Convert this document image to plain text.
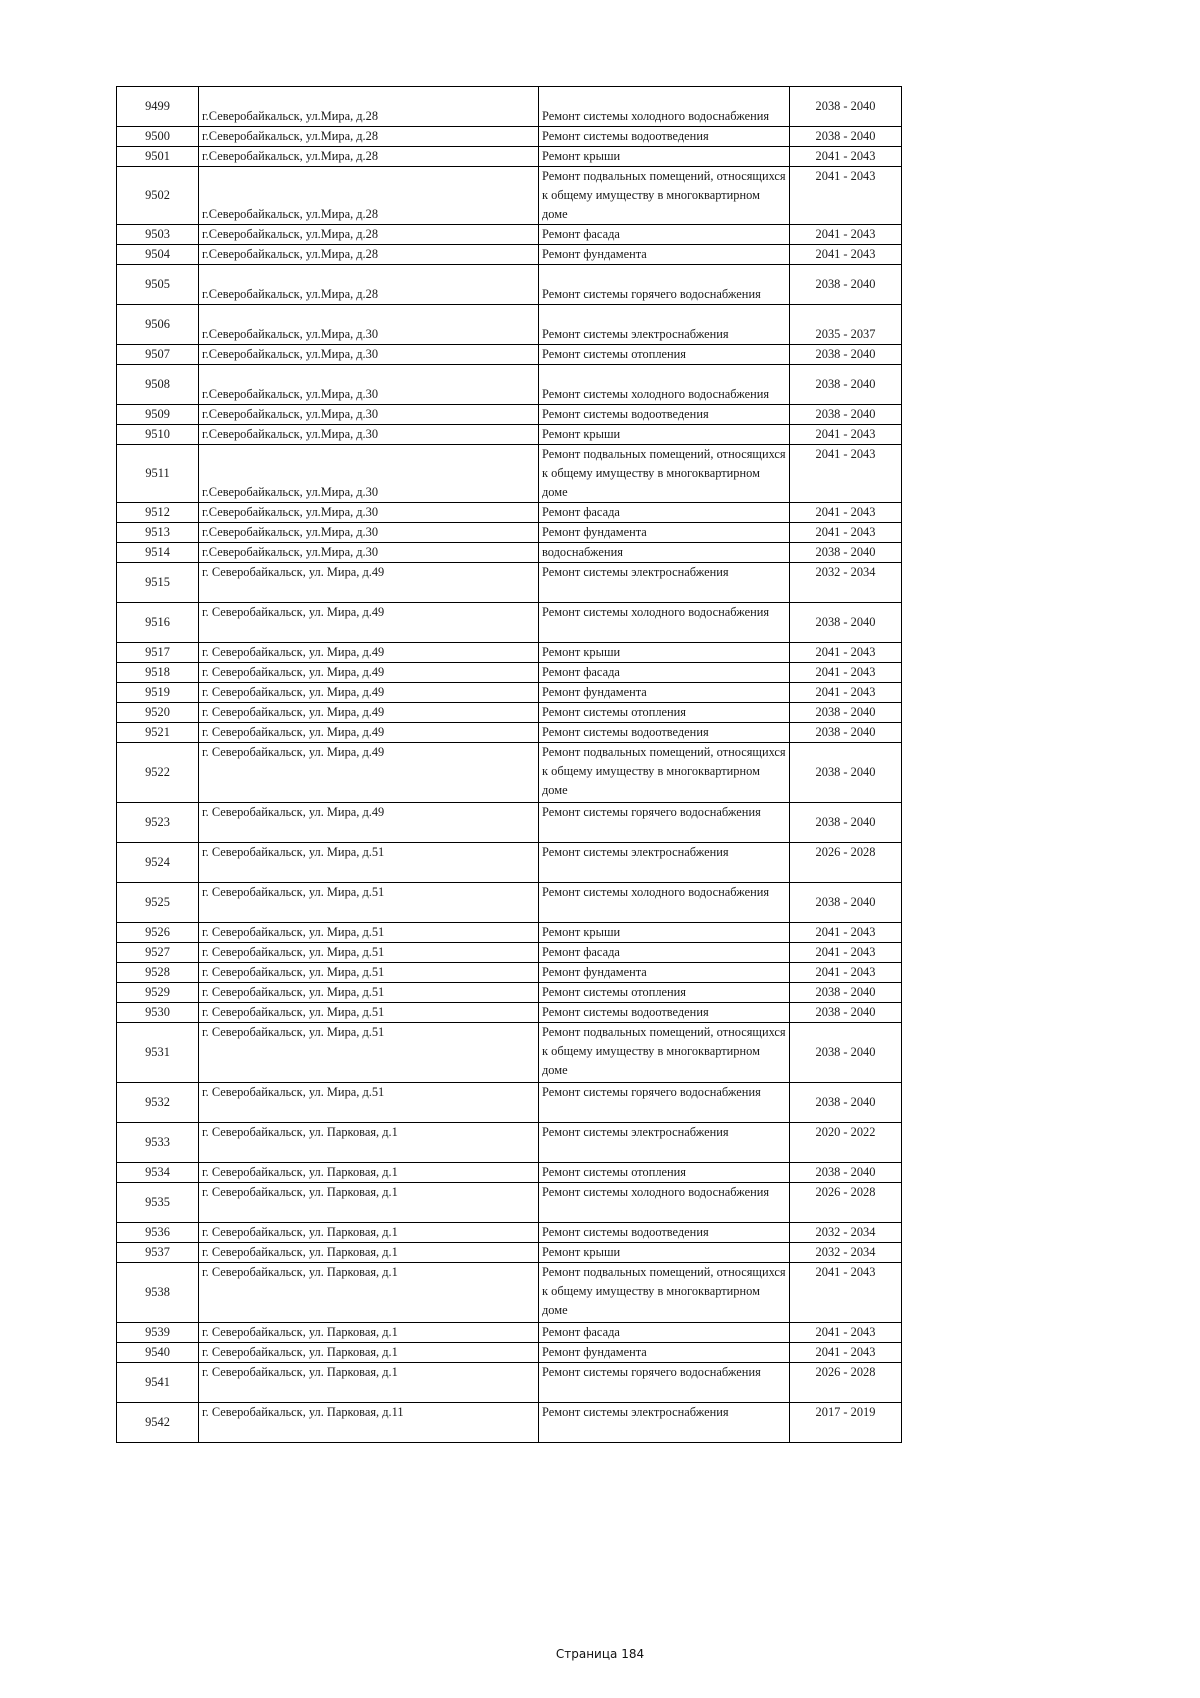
9499	г.Северобайкальск, ул.Мира, д.28	Ремонт системы холодного водоснабжения	2038 - 2040
9500	г.Северобайкальск, ул.Мира, д.28	Ремонт системы водоотведения	2038 - 2040
9501	г.Северобайкальск, ул.Мира, д.28	Ремонт крыши	2041 - 2043
9502	г.Северобайкальск, ул.Мира, д.28	Ремонт подвальных помещений, относящихся к общему имуществу в многоквартирном доме	2041 - 2043
9503	г.Северобайкальск, ул.Мира, д.28	Ремонт фасада	2041 - 2043
9504	г.Северобайкальск, ул.Мира, д.28	Ремонт фундамента	2041 - 2043
9505	г.Северобайкальск, ул.Мира, д.28	Ремонт системы горячего водоснабжения	2038 - 2040
9506	г.Северобайкальск, ул.Мира, д.30	Ремонт системы электроснабжения	2035 - 2037
9507	г.Северобайкальск, ул.Мира, д.30	Ремонт системы отопления	2038 - 2040
9508	г.Северобайкальск, ул.Мира, д.30	Ремонт системы холодного водоснабжения	2038 - 2040
9509	г.Северобайкальск, ул.Мира, д.30	Ремонт системы водоотведения	2038 - 2040
9510	г.Северобайкальск, ул.Мира, д.30	Ремонт крыши	2041 - 2043
9511	г.Северобайкальск, ул.Мира, д.30	Ремонт подвальных помещений, относящихся к общему имуществу в многоквартирном доме	2041 - 2043
9512	г.Северобайкальск, ул.Мира, д.30	Ремонт фасада	2041 - 2043
9513	г.Северобайкальск, ул.Мира, д.30	Ремонт фундамента	2041 - 2043
9514	г.Северобайкальск, ул.Мира, д.30	водоснабжения	2038 - 2040
9515	г. Северобайкальск, ул. Мира, д.49	Ремонт системы электроснабжения	2032 - 2034
9516	г. Северобайкальск, ул. Мира, д.49	Ремонт системы холодного водоснабжения	2038 - 2040
9517	г. Северобайкальск, ул. Мира, д.49	Ремонт крыши	2041 - 2043
9518	г. Северобайкальск, ул. Мира, д.49	Ремонт фасада	2041 - 2043
9519	г. Северобайкальск, ул. Мира, д.49	Ремонт фундамента	2041 - 2043
9520	г. Северобайкальск, ул. Мира, д.49	Ремонт системы отопления	2038 - 2040
9521	г. Северобайкальск, ул. Мира, д.49	Ремонт системы водоотведения	2038 - 2040
9522	г. Северобайкальск, ул. Мира, д.49	Ремонт подвальных помещений, относящихся к общему имуществу в многоквартирном доме	2038 - 2040
9523	г. Северобайкальск, ул. Мира, д.49	Ремонт системы горячего водоснабжения	2038 - 2040
9524	г. Северобайкальск, ул. Мира, д.51	Ремонт системы электроснабжения	2026 - 2028
9525	г. Северобайкальск, ул. Мира, д.51	Ремонт системы холодного водоснабжения	2038 - 2040
9526	г. Северобайкальск, ул. Мира, д.51	Ремонт крыши	2041 - 2043
9527	г. Северобайкальск, ул. Мира, д.51	Ремонт фасада	2041 - 2043
9528	г. Северобайкальск, ул. Мира, д.51	Ремонт фундамента	2041 - 2043
9529	г. Северобайкальск, ул. Мира, д.51	Ремонт системы отопления	2038 - 2040
9530	г. Северобайкальск, ул. Мира, д.51	Ремонт системы водоотведения	2038 - 2040
9531	г. Северобайкальск, ул. Мира, д.51	Ремонт подвальных помещений, относящихся к общему имуществу в многоквартирном доме	2038 - 2040
9532	г. Северобайкальск, ул. Мира, д.51	Ремонт системы горячего водоснабжения	2038 - 2040
9533	г. Северобайкальск, ул. Парковая, д.1	Ремонт системы электроснабжения	2020 - 2022
9534	г. Северобайкальск, ул. Парковая, д.1	Ремонт системы отопления	2038 - 2040
9535	г. Северобайкальск, ул. Парковая, д.1	Ремонт системы холодного водоснабжения	2026 - 2028
9536	г. Северобайкальск, ул. Парковая, д.1	Ремонт системы водоотведения	2032 - 2034
9537	г. Северобайкальск, ул. Парковая, д.1	Ремонт крыши	2032 - 2034
9538	г. Северобайкальск, ул. Парковая, д.1	Ремонт подвальных помещений, относящихся к общему имуществу в многоквартирном доме	2041 - 2043
9539	г. Северобайкальск, ул. Парковая, д.1	Ремонт фасада	2041 - 2043
9540	г. Северобайкальск, ул. Парковая, д.1	Ремонт фундамента	2041 - 2043
9541	г. Северобайкальск, ул. Парковая, д.1	Ремонт системы горячего водоснабжения	2026 - 2028
9542	г. Северобайкальск, ул. Парковая, д.11	Ремонт системы электроснабжения	2017 - 2019
Страница 184
